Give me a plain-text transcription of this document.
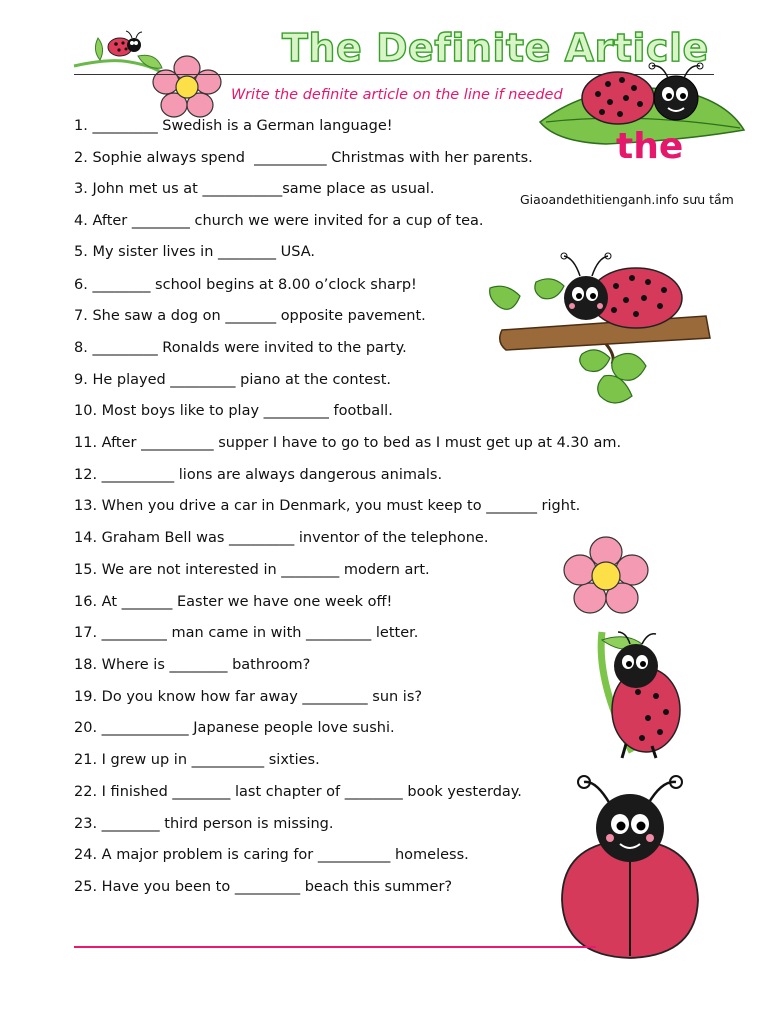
The Definite Article
Write the definite article on the line if needed
the
Giaoandethitienganh.info sưu tầm
1. _________ Swedish is a German language!
2. Sophie always spend  __________ Christmas with her parents.
3. John met us at ___________same place as usual.
4. After ________ church we were invited for a cup of tea.
5. My sister lives in ________ USA.
6. ________ school begins at 8.00 o’clock sharp!
7. She saw a dog on _______ opposite pavement.
8. _________ Ronalds were invited to the party.
9. He played _________ piano at the contest.
10. Most boys like to play _________ football.
11. After __________ supper I have to go to bed as I must get up at 4.30 am.
12. __________ lions are always dangerous animals.
13. When you drive a car in Denmark, you must keep to _______ right.
14. Graham Bell was _________ inventor of the telephone.
15. We are not interested in ________ modern art.
16. At _______ Easter we have one week off!
17. _________ man came in with _________ letter.
18. Where is ________ bathroom?
19. Do you know how far away _________ sun is?
20. ____________ Japanese people love sushi.
21. I grew up in __________ sixties.
22. I finished ________ last chapter of ________ book yesterday.
23. ________ third person is missing.
24. A major problem is caring for __________ homeless.
25. Have you been to _________ beach this summer?
